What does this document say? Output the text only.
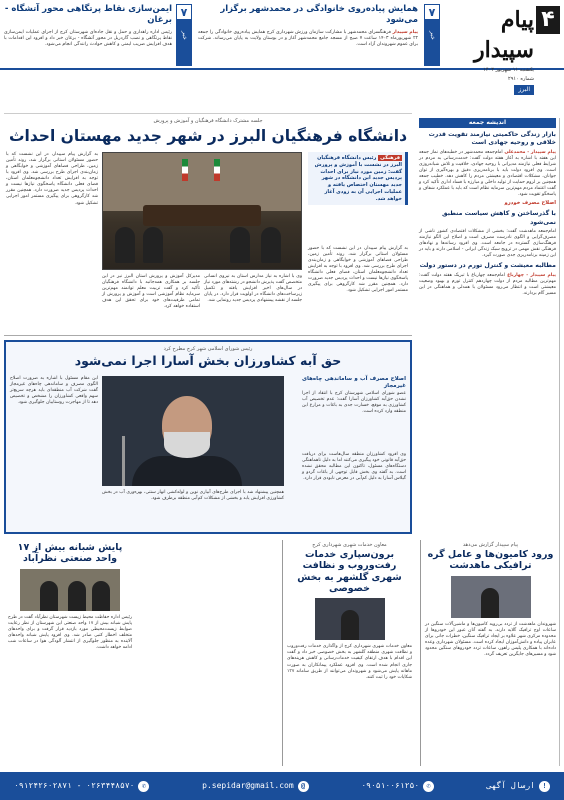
۴
پیام سپیدار
یکشنبه ۱۱ شهریور ۱۴۰۳
شماره ۲۹۱۰
البرز
خبر
۷
همایش پیاده‌روی خانوادگی در محمدشهر برگزار می‌شود

پیام سپیدار فرهنگسرای محمدشهر با مشارکت سازمان ورزش شهرداری کرج همایش پیاده‌روی خانوادگی را جمعه ۲۲ شهریورماه ۱۴۰۳ ساعت ۷ صبح از مسجد جامع محمدشهر آغاز و در بوستان ولایت به پایان می‌رساند. شرکت برای عموم شهروندان آزاد است.

خبر
۷
ایمن‌سازی نقاط پرتگاهی محور آتشگاه - برغان

رئیس اداره راهداری و حمل و نقل جاده‌ای شهرستان کرج از اجرای عملیات ایمن‌سازی نقاط پرتگاهی و نصب گاردریل در محور آتشگاه - برغان خبر داد و افزود این اقدامات با هدف افزایش ضریب ایمنی و کاهش حوادث رانندگی انجام می‌شود.

اندیشه جمعه
بازار زندگی حاکمیتی نیازمند تقویت قدرت خلاقی و روحیه جهادی است

پیام سپیدار - محمدعلی امام‌جمعه محمدشهر در خطبه‌های نماز جمعه این هفته با اشاره به آغاز هفته دولت گفت: خدمت‌رسانی به مردم در شرایط فعلی نیازمند مدیرانی با روحیه جهادی، خلاقیت و تلاش شبانه‌روزی است. وی افزود دولت باید با برنامه‌ریزی دقیق و بهره‌گیری از توان جوانان، مشکلات اقتصادی و معیشتی مردم را کاهش دهد. خطیب جمعه همچنین بر لزوم حمایت از تولید داخلی و مبارزه با فساد اداری تأکید کرد و گفت اعتماد مردم مهم‌ترین سرمایه نظام است که باید با عملکرد شفاف و پاسخگو تقویت شود.

اصلاح مصرف خودرو
با گذرساختن و کاهش سیاست منطبق نمی‌شود

امام‌جمعه ماهدشت گفت: بخشی از مشکلات اقتصادی کشور ناشی از مصرف‌گرایی و الگوی نادرست مصرف است و اصلاح این الگو نیازمند فرهنگ‌سازی گسترده در جامعه است. وی افزود رسانه‌ها و نهادهای فرهنگی نقش مهمی در ترویج سبک زندگی ایرانی - اسلامی دارند و باید در این زمینه برنامه‌ریزی جدی صورت گیرد.

مطالبه معیشت و کنترل تورم در دستور دولت

پیام سپیدار - چهارباغ امام‌جمعه چهارباغ با تبریک هفته دولت گفت: مهم‌ترین مطالبه مردم از دولت چهاردهم کنترل تورم و بهبود وضعیت معیشتی است و انتظار می‌رود مسئولان با همدلی و هماهنگی در این مسیر گام بردارند.

جلسه مشترک دانشگاه فرهنگیان و آموزش و پرورش
دانشگاه فرهنگیان البرز در شهر جدید مهستان احداث
فرهنگی رئیس دانشگاه فرهنگیان البرز در نشست با آموزش و پرورش گفت: زمین مورد نیاز برای احداث پردیس جدید این دانشگاه در شهر جدید مهستان اختصاص یافته و عملیات اجرایی آن به زودی آغاز خواهد شد.
به گزارش پیام سپیدار، در این نشست که با حضور مسئولان استانی برگزار شد، روند تأمین زمین، طراحی فضاهای آموزشی و خوابگاهی و زمان‌بندی اجرای طرح بررسی شد. وی افزود با توجه به افزایش تعداد دانشجومعلمان استان، فضای فعلی دانشگاه پاسخگوی نیازها نیست و احداث پردیس جدید ضرورت دارد. همچنین مقرر شد کارگروهی برای پیگیری مستمر امور اجرایی تشکیل شود.
مدیرکل آموزش و پرورش استان البرز نیز در این جلسه بر همکاری همه‌جانبه با دانشگاه فرهنگیان تأکید کرد و گفت تربیت معلم توانمند مهم‌ترین سرمایه نظام آموزشی است و آموزش و پرورش از تمامی ظرفیت‌های خود برای تحقق این هدف استفاده خواهد کرد.
وی با اشاره به نیاز مدارس استان به نیروی انسانی متخصص گفت پذیرش دانشجو در رشته‌های مورد نیاز در سال‌های اخیر افزایش یافته و تکمیل زیرساخت‌های دانشگاه در اولویت قرار دارد. در پایان جلسه از نقشه پیشنهادی پردیس جدید رونمایی شد.
به گزارش پیام سپیدار، در این نشست که با حضور مسئولان استانی برگزار شد، روند تأمین زمین، طراحی فضاهای آموزشی و خوابگاهی و زمان‌بندی اجرای طرح بررسی شد. وی افزود با توجه به افزایش تعداد دانشجومعلمان استان، فضای فعلی دانشگاه پاسخگوی نیازها نیست و احداث پردیس جدید ضرورت دارد. همچنین مقرر شد کارگروهی برای پیگیری مستمر امور اجرایی تشکیل شود.
رئیس شورای اسلامی شهر کرج مطرح کرد
حق آبه کشاورزان بخش آسارا اجرا نمی‌شود
اصلاح مصرف آب و ساماندهی چاه‌های غیرمجاز
عضو شورای اسلامی شهرستان کرج با انتقاد از اجرا نشدن حق‌آبه کشاورزان آسارا گفت: عدم تخصیص آب کشاورزی به موقع، خسارت جدی به باغات و مزارع این منطقه وارد کرده است.
وی افزود کشاورزان منطقه سال‌هاست برای دریافت حق‌آبه قانونی خود پیگیری می‌کنند اما به دلیل ناهماهنگی دستگاه‌های مسئول، تاکنون این مطالبه محقق نشده است. به گفته وی بخش قابل توجهی از باغات گردو و گیلاس آسارا به دلیل کم‌آبی در معرض نابودی قرار دارد.
این مقام مسئول با اشاره به ضرورت اصلاح الگوی مصرف و ساماندهی چاه‌های غیرمجاز گفت شرکت آب منطقه‌ای باید هرچه سریع‌تر سهم واقعی کشاورزان را مشخص و تخصیص دهد تا از مهاجرت روستاییان جلوگیری شود.
همچنین پیشنهاد شد با اجرای طرح‌های آبیاری نوین و لوله‌کشی انهار سنتی، بهره‌وری آب در بخش کشاورزی افزایش یابد و بخشی از مشکلات کم‌آبی منطقه برطرف شود.
پیام سپیدار گزارش می‌دهد
ورود کامیون‌ها و عامل گره ترافیکی ماهدشت

شهروندان ماهدشت از تردد بی‌رویه کامیون‌ها و ماشین‌آلات سنگین در ساعات اوج ترافیک گلایه دارند. به گفته آنان عبور این خودروها از محدوده مرکزی شهر علاوه بر ایجاد ترافیک سنگین، خطرات جانی برای عابران پیاده و دانش‌آموزان ایجاد کرده است. مسئولان شهرداری وعده داده‌اند با همکاری پلیس راهور، ساعات تردد خودروهای سنگین محدود شود و مسیرهای جایگزین تعریف گردد.

معاون خدمات شهری شهرداری کرج
برون‌سپاری خدمات رفت‌وروب و نظافت شهری گلشهر به بخش خصوصی

معاون خدمات شهری شهرداری کرج از واگذاری خدمات رفت‌وروب و نظافت شهری منطقه گلشهر به بخش خصوصی خبر داد و گفت این اقدام با هدف ارتقای کیفیت خدمات‌رسانی و کاهش هزینه‌های جاری انجام شده است. وی افزود عملکرد پیمانکاران به صورت ماهانه پایش می‌شود و شهروندان می‌توانند از طریق سامانه ۱۳۷ شکایات خود را ثبت کنند.

پایش شبانه بیش از ۱۷ واحد صنعتی نظرآباد

رئیس اداره حفاظت محیط زیست شهرستان نظرآباد گفت در طرح پایش شبانه بیش از ۱۷ واحد صنعتی این شهرستان از نظر رعایت ضوابط زیست‌محیطی مورد بازدید قرار گرفت و برای واحدهای متخلف اخطار کتبی صادر شد. وی افزود پایش شبانه واحدهای آلاینده به منظور جلوگیری از انتشار آلودگی هوا در ساعات شب ادامه خواهد داشت.

!
ارسال آگهی
✆
۰۹۰۵۱۰۰۶۱۲۵۰
@
p.sepidar@gmail.com
✆
۰۲۶۳۴۴۸۵۷۰ - ۰۹۱۲۴۲۶۰۲۸۷۱
